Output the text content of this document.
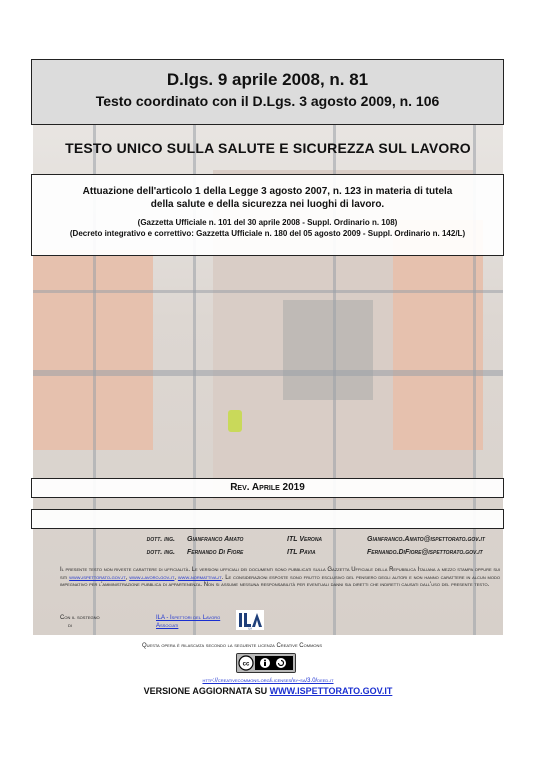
D.lgs. 9 aprile 2008, n. 81
Testo coordinato con il D.Lgs. 3 agosto 2009, n. 106
TESTO UNICO SULLA SALUTE E SICUREZZA SUL LAVORO
Attuazione dell'articolo 1 della Legge 3 agosto 2007, n. 123 in materia di tutela
della salute e della sicurezza nei luoghi di lavoro.
(Gazzetta Ufficiale n. 101 del 30 aprile 2008 - Suppl. Ordinario n. 108)
(Decreto integrativo e correttivo: Gazzetta Ufficiale n. 180 del 05 agosto 2009 - Suppl. Ordinario n. 142/L)
Rev. Aprile 2019
dott. ing.	Gianfranco Amato	ITL Verona	Gianfranco.Amato@ispettorato.gov.it
dott. ing.	Fernando Di Fiore	ITL Pavia	Fernando.DiFiore@ispettorato.gov.it
Il presente testo non riveste carattere di ufficialità. Le versioni ufficiali dei documenti sono pubblicati sulla Gazzetta Ufficiale della Repubblica Italiana a mezzo stampa oppure sui siti www.ispettorato.gov.it, www.lavoro.gov.it, www.normattiva.it. Le considerazioni esposte sono frutto esclusivo del pensiero degli autori e non hanno carattere in alcun modo impegnativo per l'amministrazione pubblica di appartenenza. Non si assume nessuna responsabilità per eventuali danni sia diretti che indiretti causati dall'uso del presente testo.
Con il sostegno
di
ILA - Ispettori del Lavoro Associati	ILA
Questa opera è rilasciata secondo la seguente licenza Creative Commons
cc
http://creativecommons.org/licenses/by-sa/3.0/deed.it
VERSIONE AGGIORNATA SU WWW.ISPETTORATO.GOV.IT
